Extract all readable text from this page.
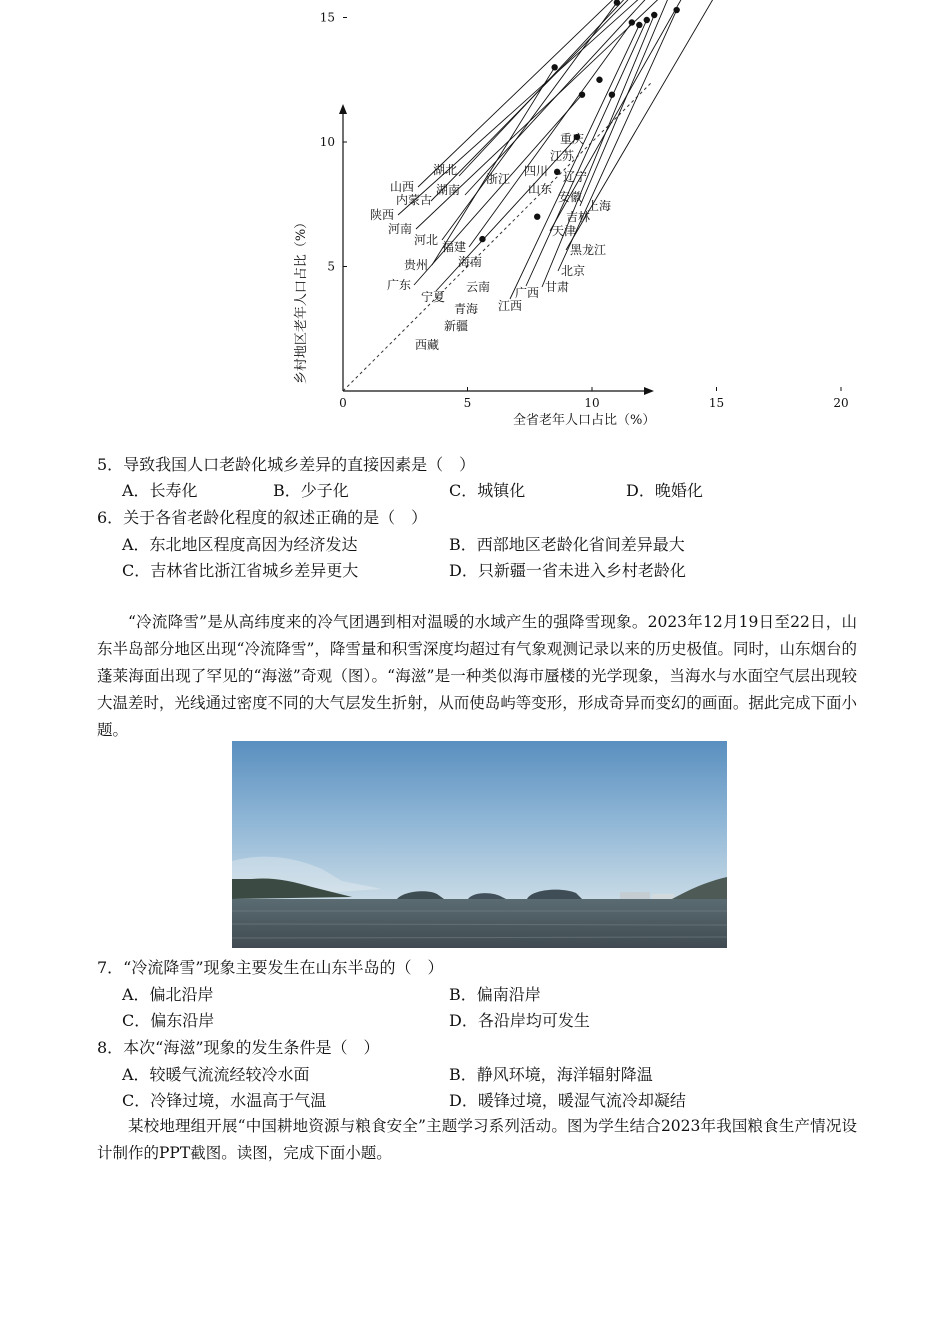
0	5	10	15	20
5
10
15
重庆
江苏
四川 辽宁
浙江
山东
湖北
安徽
上海
湖南
吉林
山西
内蒙古
陕西
河南	天津
黑龙江
河北 福建
北京
甘肃
广西
江西
贵州 海南
云南
广东
宁夏
青海
新疆
西藏
全省老年人口占比（%）
乡村地区老年人口占比（%）
5．导致我国人口老龄化城乡差异的直接因素是（　）
A．长寿化	B．少子化	C．城镇化	D．晚婚化
6．关于各省老龄化程度的叙述正确的是（　）
A．东北地区程度高因为经济发达	B．西部地区老龄化省间差异最大
C．吉林省比浙江省城乡差异更大	D．只新疆一省未进入乡村老龄化
“冷流降雪”是从高纬度来的冷气团遇到相对温暖的水域产生的强降雪现象。2023年12月19日至22日，山东半岛部分地区出现“冷流降雪”，降雪量和积雪深度均超过有气象观测记录以来的历史极值。同时，山东烟台的蓬莱海面出现了罕见的“海滋”奇观（图）。“海滋”是一种类似海市蜃楼的光学现象，当海水与水面空气层出现较大温差时，光线通过密度不同的大气层发生折射，从而使岛屿等变形，形成奇异而变幻的画面。据此完成下面小题。
7．“冷流降雪”现象主要发生在山东半岛的（　）
A．偏北沿岸	B．偏南沿岸
C．偏东沿岸	D．各沿岸均可发生
8．本次“海滋”现象的发生条件是（　）
A．较暖气流流经较冷水面	B．静风环境，海洋辐射降温
C．冷锋过境，水温高于气温	D．暖锋过境，暖湿气流冷却凝结
某校地理组开展“中国耕地资源与粮食安全”主题学习系列活动。图为学生结合2023年我国粮食生产情况设计制作的PPT截图。读图，完成下面小题。
